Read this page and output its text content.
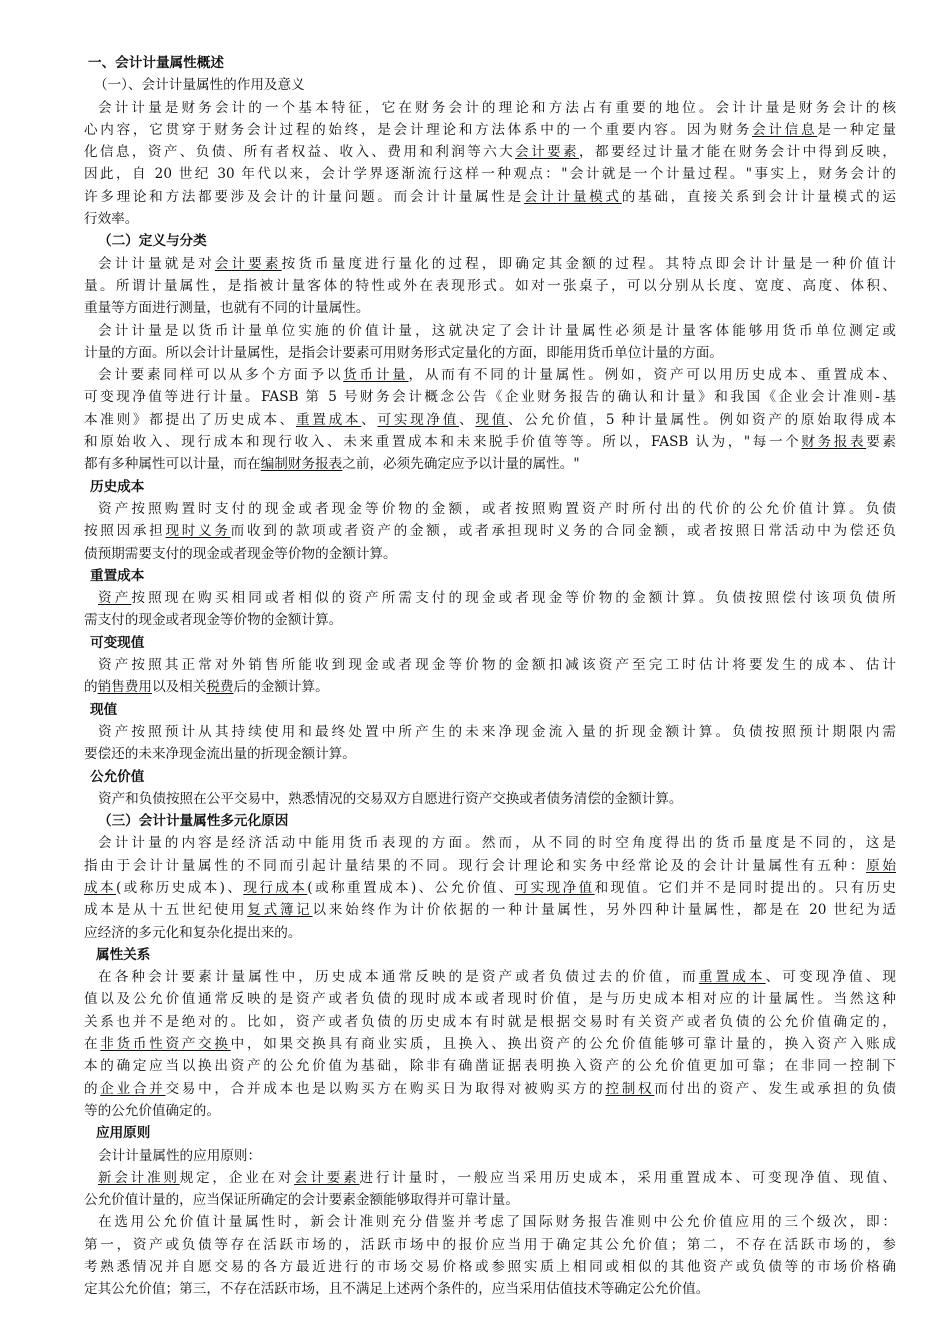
一、会计计量属性概述
（一）、会计计量属性的作用及意义
会计计量是财务会计的一个基本特征，它在财务会计的理论和方法占有重要的地位。会计计量是财务会计的核
心内容，它贯穿于财务会计过程的始终，是会计理论和方法体系中的一个重要内容。因为财务会计信息是一种定量
化信息，资产、负债、所有者权益、收入、费用和利润等六大会计要素，都要经过计量才能在财务会计中得到反映，
因此，自 20 世纪 30 年代以来，会计学界逐渐流行这样一种观点："会计就是一个计量过程。"事实上，财务会计的
许多理论和方法都要涉及会计的计量问题。而会计计量属性是会计计量模式的基础，直接关系到会计计量模式的运
行效率。
（二）定义与分类
会计计量就是对会计要素按货币量度进行量化的过程，即确定其金额的过程。其特点即会计计量是一种价值计
量。所谓计量属性，是指被计量客体的特性或外在表现形式。如对一张桌子，可以分别从长度、宽度、高度、体积、
重量等方面进行测量，也就有不同的计量属性。
会计计量是以货币计量单位实施的价值计量，这就决定了会计计量属性必须是计量客体能够用货币单位测定或
计量的方面。所以会计计量属性，是指会计要素可用财务形式定量化的方面，即能用货币单位计量的方面。
会计要素同样可以从多个方面予以货币计量，从而有不同的计量属性。例如，资产可以用历史成本、重置成本、
可变现净值等进行计量。FASB 第 5 号财务会计概念公告《企业财务报告的确认和计量》和我国《企业会计准则-基
本准则》都提出了历史成本、重置成本、可实现净值、现值、公允价值，5 种计量属性。例如资产的原始取得成本
和原始收入、现行成本和现行收入、未来重置成本和未来脱手价值等等。所以，FASB 认为，"每一个财务报表要素
都有多种属性可以计量，而在编制财务报表之前，必须先确定应予以计量的属性。"
历史成本
资产按照购置时支付的现金或者现金等价物的金额，或者按照购置资产时所付出的代价的公允价值计算。负债
按照因承担现时义务而收到的款项或者资产的金额，或者承担现时义务的合同金额，或者按照日常活动中为偿还负
债预期需要支付的现金或者现金等价物的金额计算。
重置成本
资产按照现在购买相同或者相似的资产所需支付的现金或者现金等价物的金额计算。负债按照偿付该项负债所
需支付的现金或者现金等价物的金额计算。
可变现值
资产按照其正常对外销售所能收到现金或者现金等价物的金额扣减该资产至完工时估计将要发生的成本、估计
的销售费用以及相关税费后的金额计算。
现值
资产按照预计从其持续使用和最终处置中所产生的未来净现金流入量的折现金额计算。负债按照预计期限内需
要偿还的未来净现金流出量的折现金额计算。
公允价值
资产和负债按照在公平交易中，熟悉情况的交易双方自愿进行资产交换或者债务清偿的金额计算。
（三）会计计量属性多元化原因
会计计量的内容是经济活动中能用货币表现的方面。然而，从不同的时空角度得出的货币量度是不同的，这是
指由于会计计量属性的不同而引起计量结果的不同。现行会计理论和实务中经常论及的会计计量属性有五种：原始
成本(或称历史成本)、现行成本(或称重置成本)、公允价值、可实现净值和现值。它们并不是同时提出的。只有历史
成本是从十五世纪使用复式簿记以来始终作为计价依据的一种计量属性，另外四种计量属性，都是在 20 世纪为适
应经济的多元化和复杂化提出来的。
属性关系
在各种会计要素计量属性中，历史成本通常反映的是资产或者负债过去的价值，而重置成本、可变现净值、现
值以及公允价值通常反映的是资产或者负债的现时成本或者现时价值，是与历史成本相对应的计量属性。当然这种
关系也并不是绝对的。比如，资产或者负债的历史成本有时就是根据交易时有关资产或者负债的公允价值确定的，
在非货币性资产交换中，如果交换具有商业实质，且换入、换出资产的公允价值能够可靠计量的，换入资产入账成
本的确定应当以换出资产的公允价值为基础，除非有确凿证据表明换入资产的公允价值更加可靠；在非同一控制下
的企业合并交易中，合并成本也是以购买方在购买日为取得对被购买方的控制权而付出的资产、发生或承担的负债
等的公允价值确定的。
应用原则
会计计量属性的应用原则：
新会计准则规定，企业在对会计要素进行计量时，一般应当采用历史成本，采用重置成本、可变现净值、现值、
公允价值计量的，应当保证所确定的会计要素金额能够取得并可靠计量。
在选用公允价值计量属性时，新会计准则充分借鉴并考虑了国际财务报告准则中公允价值应用的三个级次，即：
第一，资产或负债等存在活跃市场的，活跃市场中的报价应当用于确定其公允价值；第二，不存在活跃市场的，参
考熟悉情况并自愿交易的各方最近进行的市场交易价格或参照实质上相同或相似的其他资产或负债等的市场价格确
定其公允价值；第三，不存在活跃市场，且不满足上述两个条件的，应当采用估值技术等确定公允价值。
